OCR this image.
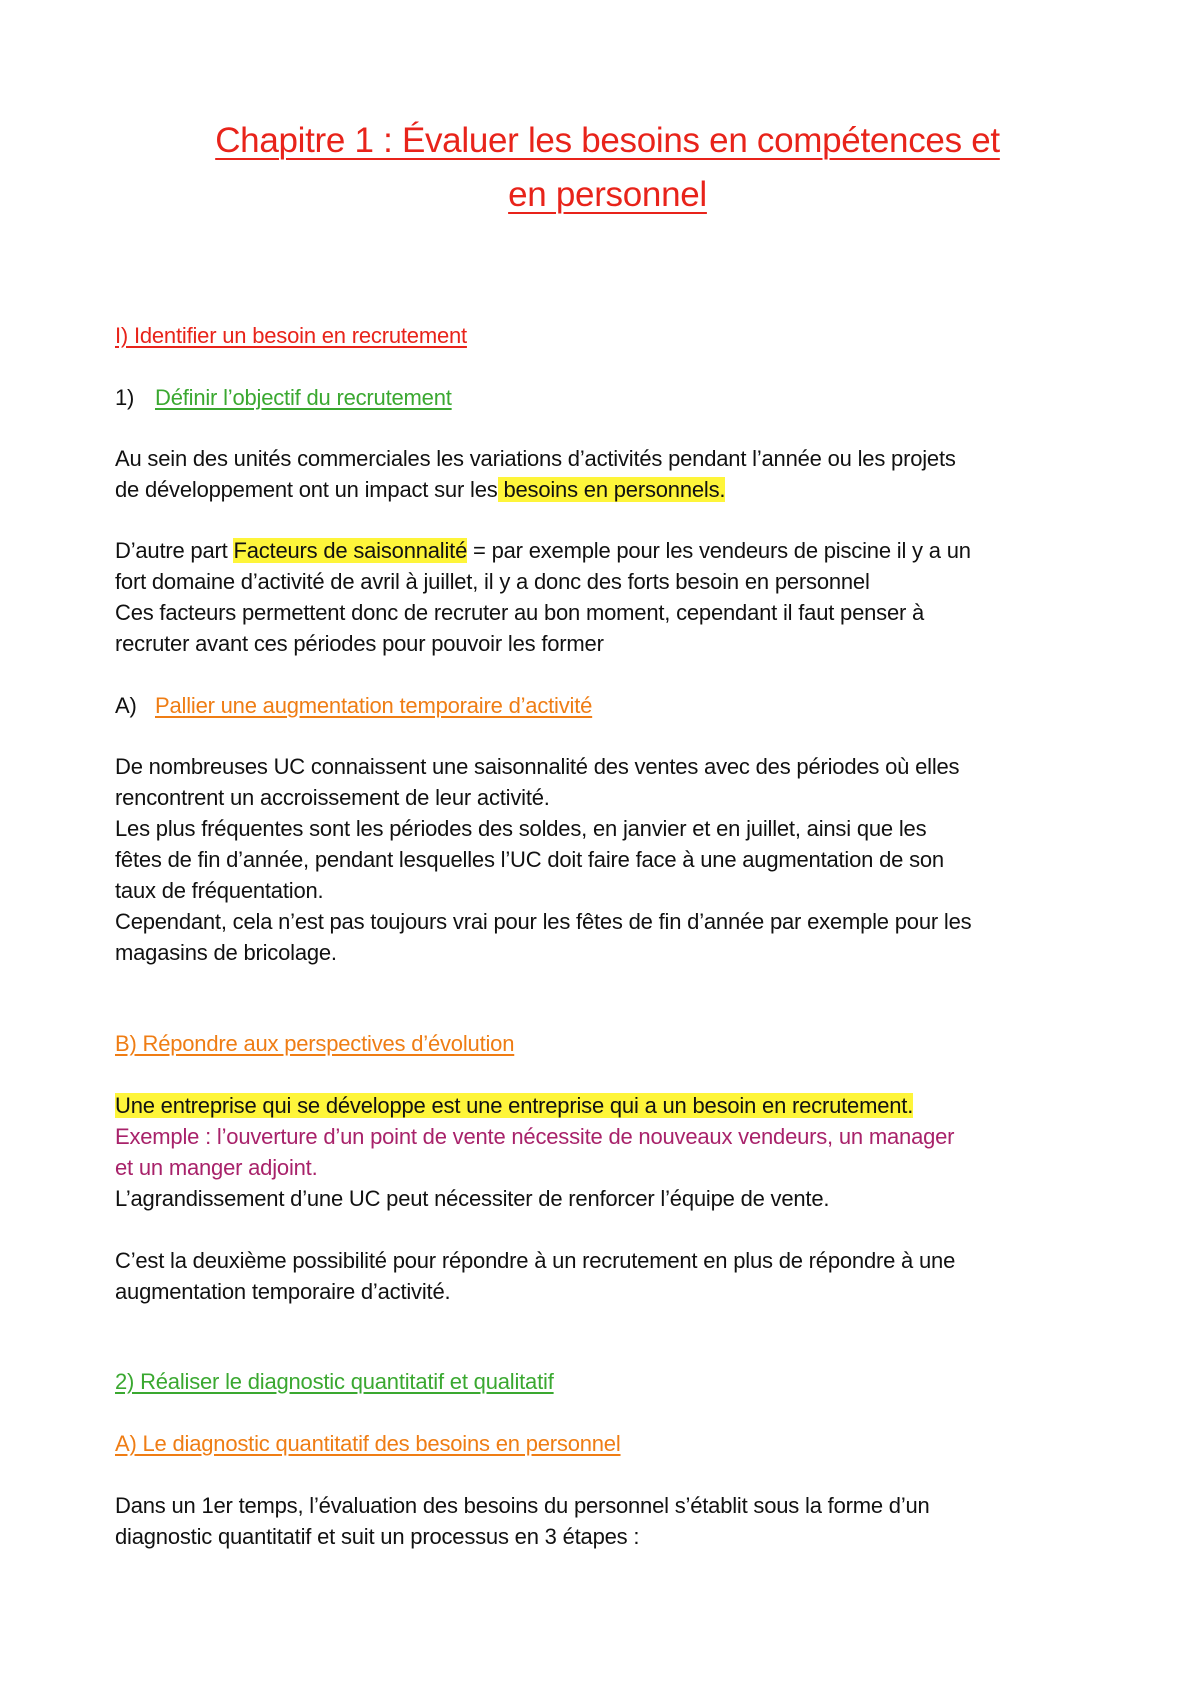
Chapitre 1 : Évaluer les besoins en compétences et
en personnel
I) Identifier un besoin en recrutement
1) Définir l’objectif du recrutement
Au sein des unités commerciales les variations d’activités pendant l’année ou les projets
de développement ont un impact sur les besoins en personnels.
D’autre part Facteurs de saisonnalité = par exemple pour les vendeurs de piscine il y a un
fort domaine d’activité de avril à juillet, il y a donc des forts besoin en personnel
Ces facteurs permettent donc de recruter au bon moment, cependant il faut penser à
recruter avant ces périodes pour pouvoir les former
A) Pallier une augmentation temporaire d’activité
De nombreuses UC connaissent une saisonnalité des ventes avec des périodes où elles
rencontrent un accroissement de leur activité.
Les plus fréquentes sont les périodes des soldes, en janvier et en juillet, ainsi que les
fêtes de fin d’année, pendant lesquelles l’UC doit faire face à une augmentation de son
taux de fréquentation.
Cependant, cela n’est pas toujours vrai pour les fêtes de fin d’année par exemple pour les
magasins de bricolage.
B) Répondre aux perspectives d’évolution
Une entreprise qui se développe est une entreprise qui a un besoin en recrutement.
Exemple : l’ouverture d’un point de vente nécessite de nouveaux vendeurs, un manager
et un manger adjoint.
L’agrandissement d’une UC peut nécessiter de renforcer l’équipe de vente.
C’est la deuxième possibilité pour répondre à un recrutement en plus de répondre à une
augmentation temporaire d’activité.
2) Réaliser le diagnostic quantitatif et qualitatif
A) Le diagnostic quantitatif des besoins en personnel
Dans un 1er temps, l’évaluation des besoins du personnel s’établit sous la forme d’un
diagnostic quantitatif et suit un processus en 3 étapes :
